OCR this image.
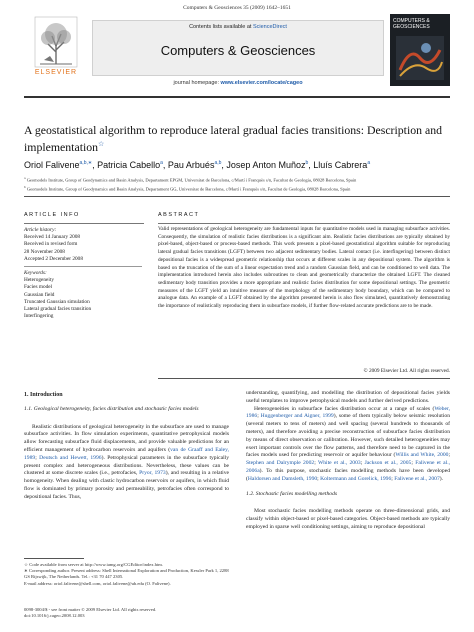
Computers & Geosciences 35 (2009) 1642–1651
ELSEVIER
Contents lists available at ScienceDirect
Computers & Geosciences
journal homepage: www.elsevier.com/locate/cageo
COMPUTERS &
GEOSCIENCES
A geostatistical algorithm to reproduce lateral gradual facies transitions: Description and implementation☆
Oriol Falivene$^{a,b,∗}$, Patricia Cabello$^a$, Pau Arbués$^{a,b}$, Josep Anton Muñoz$^b$, Lluís Cabrera$^a$
$^a$ Geomodels Institute, Group of Geodynamics and Basin Analysis, Departament EPGM, Universitat de Barcelona, c/Martí i Franquès s/n, Facultat de Geologia, 08028 Barcelona, Spain
$^b$ Geomodels Institute, Group of Geodynamics and Basin Analysis, Departament GG, Universitat de Barcelona, c/Martí i Franquès s/n, Facultat de Geologia, 08028 Barcelona, Spain
ARTICLE INFO	ABSTRACT
Article history:
Received 14 January 2008
Received in revised form
28 November 2008
Accepted 2 December 2008
Keywords:
Heterogeneity
Facies model
Gaussian field
Truncated Gaussian simulation
Lateral gradual facies transition
Interfingering
Valid representations of geological heterogeneity are fundamental inputs for quantitative models used in managing subsurface activities. Consequently, the simulation of realistic facies distributions is a significant aim. Realistic facies distributions are typically obtained by pixel-based, object-based or process-based methods. This work presents a pixel-based geostatistical algorithm suitable for reproducing lateral gradual facies transitions (LGFT) between two adjacent sedimentary bodies. Lateral contact (i.e. interfingering) between distinct depositional facies is a widespread geometric relationship that occurs at different scales in any depositional system. The algorithm is based on the truncation of the sum of a linear expectation trend and a random Gaussian field, and can be conditioned to well data. The implementation introduced herein also includes subroutines to clean and geometrically characterize the obtained LGFT. The cleaned sedimentary body transition provides a more appropriate and realistic facies distribution for some depositional settings. The geometric measures of the LGFT yield an intuitive measure of the morphology of the sedimentary body boundary, which can be compared to analogue data. An example of a LGFT obtained by the algorithm presented herein is also flow simulated, quantitatively demonstrating the importance of realistically reproducing them in subsurface models, if further flow-related accurate predictions are to be made.
© 2009 Elsevier Ltd. All rights reserved.
1. Introduction
1.1. Geological heterogeneity, facies distribution and stochastic facies models
Realistic distributions of geological heterogeneity in the subsurface are used to manage subsurface activities. In flow simulation experiments, quantitative petrophysical models allow forecasting subsurface fluid displacements, and provide valuable predictions for an efficient management of hydrocarbon reservoirs and aquifers (van de Graaff and Ealey, 1989; Deutsch and Hewett, 1996). Petrophysical parameters in the subsurface typically present complex and heterogeneous distributions. Nevertheless, these values can be clustered at some discrete scales (i.e., petrofacies, Pryor, 1973), and resulting in a relative homogeneity. When dealing with clastic hydrocarbon reservoirs or aquifers, in which fluid flow is dominated by primary porosity and permeability, petrofacies often correspond to depositional facies. Thus,
understanding, quantifying, and modelling the distribution of depositional facies yields useful templates to improve petrophysical models and further derived predictions.
Heterogeneities in subsurface facies distribution occur at a range of scales (Weber, 1986; Huggenberger and Aigner, 1999), some of them typically below seismic resolution (several meters to tens of meters) and well spacing (several hundreds to thousands of meters), and therefore avoiding a precise reconstruction of subsurface facies distribution by means of direct observation or calibration. However, such detailed heterogeneities may exert important controls over the flow patterns, and therefore need to be captured in the facies models used for predicting reservoir or aquifer behaviour (Willis and White, 2000; Stephen and Dalrymple 2002; White et al., 2003; Jackson et al., 2005; Falivene et al., 2006a). To this purpose, stochastic facies modelling methods have been developed (Haldorsen and Damsleth, 1990; Koltermann and Gorelick, 1996; Falivene et al., 2007).
1.2. Stochastic facies modelling methods
Most stochastic facies modelling methods operate on three-dimensional grids, and classify within object-based or pixel-based categories. Object-based methods are typically employed in sparse well conditioning settings, aiming to reproduce depositional
☆ Code available from server at http://www.iamg.org/CGEditor/index.htm.
∗ Corresponding author. Present address: Shell International Exploration and Production, Kessler Park 1, 2288 GS Rijswijk, The Netherlands. Tel.: +31 70 447 2305.
E-mail address: oriol.falivene@shell.com, oriol.falivene@ub.edu (O. Falivene).
0098-3004/$ - see front matter © 2009 Elsevier Ltd. All rights reserved.
doi:10.1016/j.cageo.2008.12.003
